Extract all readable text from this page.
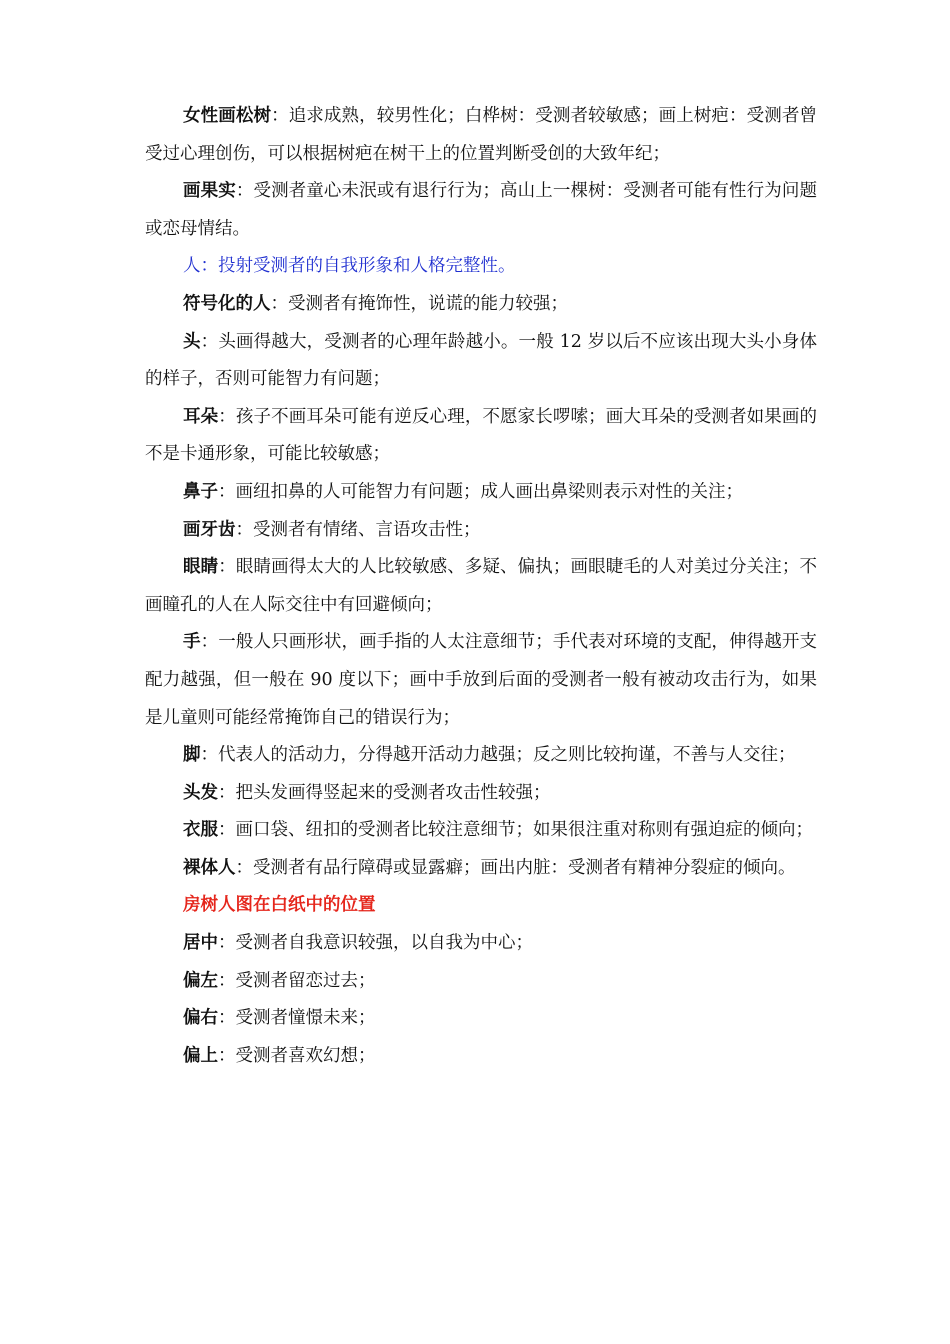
女性画松树：追求成熟，较男性化；白桦树：受测者较敏感；画上树疤：受测者曾受过心理创伤，可以根据树疤在树干上的位置判断受创的大致年纪；

画果实：受测者童心未泯或有退行行为；高山上一棵树：受测者可能有性行为问题或恋母情结。

人：投射受测者的自我形象和人格完整性。

符号化的人：受测者有掩饰性，说谎的能力较强；

头：头画得越大，受测者的心理年龄越小。一般 12 岁以后不应该出现大头小身体的样子，否则可能智力有问题；

耳朵：孩子不画耳朵可能有逆反心理，不愿家长啰嗦；画大耳朵的受测者如果画的不是卡通形象，可能比较敏感；

鼻子：画纽扣鼻的人可能智力有问题；成人画出鼻梁则表示对性的关注；

画牙齿：受测者有情绪、言语攻击性；

眼睛：眼睛画得太大的人比较敏感、多疑、偏执；画眼睫毛的人对美过分关注；不画瞳孔的人在人际交往中有回避倾向；

手：一般人只画形状，画手指的人太注意细节；手代表对环境的支配，伸得越开支配力越强，但一般在 90 度以下；画中手放到后面的受测者一般有被动攻击行为，如果是儿童则可能经常掩饰自己的错误行为；

脚：代表人的活动力，分得越开活动力越强；反之则比较拘谨，不善与人交往；

头发：把头发画得竖起来的受测者攻击性较强；

衣服：画口袋、纽扣的受测者比较注意细节；如果很注重对称则有强迫症的倾向；

裸体人：受测者有品行障碍或显露癖；画出内脏：受测者有精神分裂症的倾向。

房树人图在白纸中的位置

居中：受测者自我意识较强，以自我为中心；

偏左：受测者留恋过去；

偏右：受测者憧憬未来；

偏上：受测者喜欢幻想；
